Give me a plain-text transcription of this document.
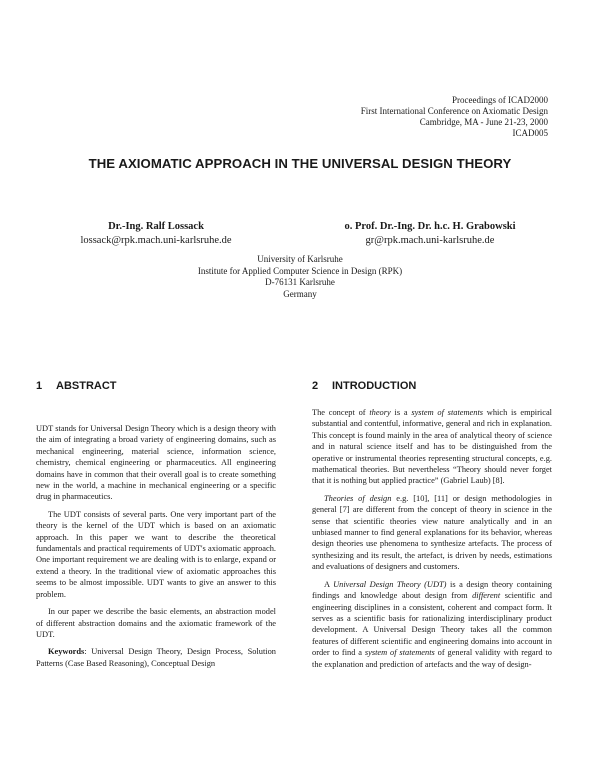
Proceedings of ICAD2000
First International Conference on Axiomatic Design
Cambridge, MA - June 21-23, 2000
ICAD005
THE AXIOMATIC APPROACH IN THE UNIVERSAL DESIGN THEORY
Dr.-Ing. Ralf Lossack
lossack@rpk.mach.uni-karlsruhe.de
o. Prof. Dr.-Ing. Dr. h.c. H. Grabowski
gr@rpk.mach.uni-karlsruhe.de
University of Karlsruhe
Institute for Applied Computer Science in Design (RPK)
D-76131 Karlsruhe
Germany
1 ABSTRACT	2 INTRODUCTION

UDT stands for Universal Design Theory which is a design theory with the aim of integrating a broad variety of engineering domains, such as mechanical engineering, material science, information science, chemistry, chemical engineering or pharmaceutics. All engineering domains have in common that their overall goal is to create something new in the world, a machine in mechanical engineering or a specific drug in pharmaceutics.

The UDT consists of several parts. One very important part of the theory is the kernel of the UDT which is based on an axiomatic approach. In this paper we want to describe the theoretical fundamentals and practical requirements of UDT's axiomatic approach. One important requirement we are dealing with is to enlarge, expand or extend a theory. In the traditional view of axiomatic approaches this seems to be almost impossible. UDT wants to give an answer to this problem.

In our paper we describe the basic elements, an abstraction model of different abstraction domains and the axiomatic framework of the UDT.

Keywords: Universal Design Theory, Design Process, Solution Patterns (Case Based Reasoning), Conceptual Design

The concept of theory is a system of statements which is empirical substantial and contentful, informative, general and rich in explanation. This concept is found mainly in the area of analytical theory of science and in natural science itself and has to be distinguished from the operative or instrumental theories representing structural concepts, e.g. mathematical theories. But nevertheless “Theory should never forget that it is nothing but applied practice” (Gabriel Laub) [8].

Theories of design e.g. [10], [11] or design methodologies in general [7] are different from the concept of theory in science in the sense that scientific theories view nature analytically and in an unbiased manner to find general explanations for its behavior, whereas design theories use phenomena to synthesize artefacts. The process of synthesizing and its result, the artefact, is driven by needs, estimations and evaluations of designers and customers.

A Universal Design Theory (UDT) is a design theory containing findings and knowledge about design from different scientific and engineering disciplines in a consistent, coherent and compact form. It serves as a scientific basis for rationalizing interdisciplinary product development. A Universal Design Theory takes all the common features of different scientific and engineering domains into account in order to find a system of statements of general validity with regard to the explanation and prediction of artefacts and the way of design-
